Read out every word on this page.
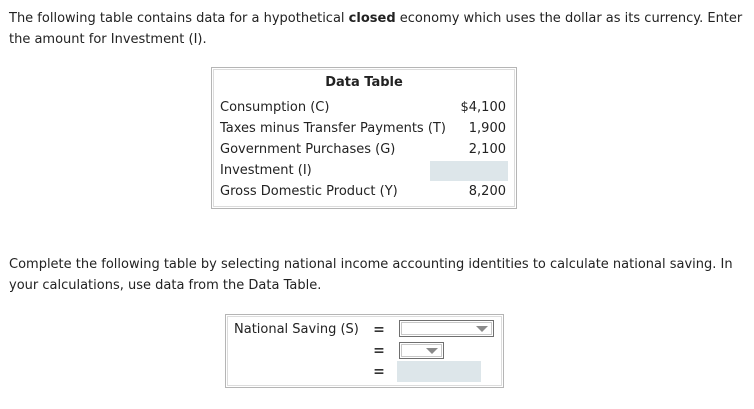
The following table contains data for a hypothetical closed economy which uses the dollar as its currency. Enter the amount for Investment (I).
Data Table
Consumption (C)	$4,100
Taxes minus Transfer Payments (T)	1,900
Government Purchases (G)	2,100
Investment (I)
Gross Domestic Product (Y)	8,200
Complete the following table by selecting national income accounting identities to calculate national saving. In your calculations, use data from the Data Table.
National Saving (S) =
=
=
